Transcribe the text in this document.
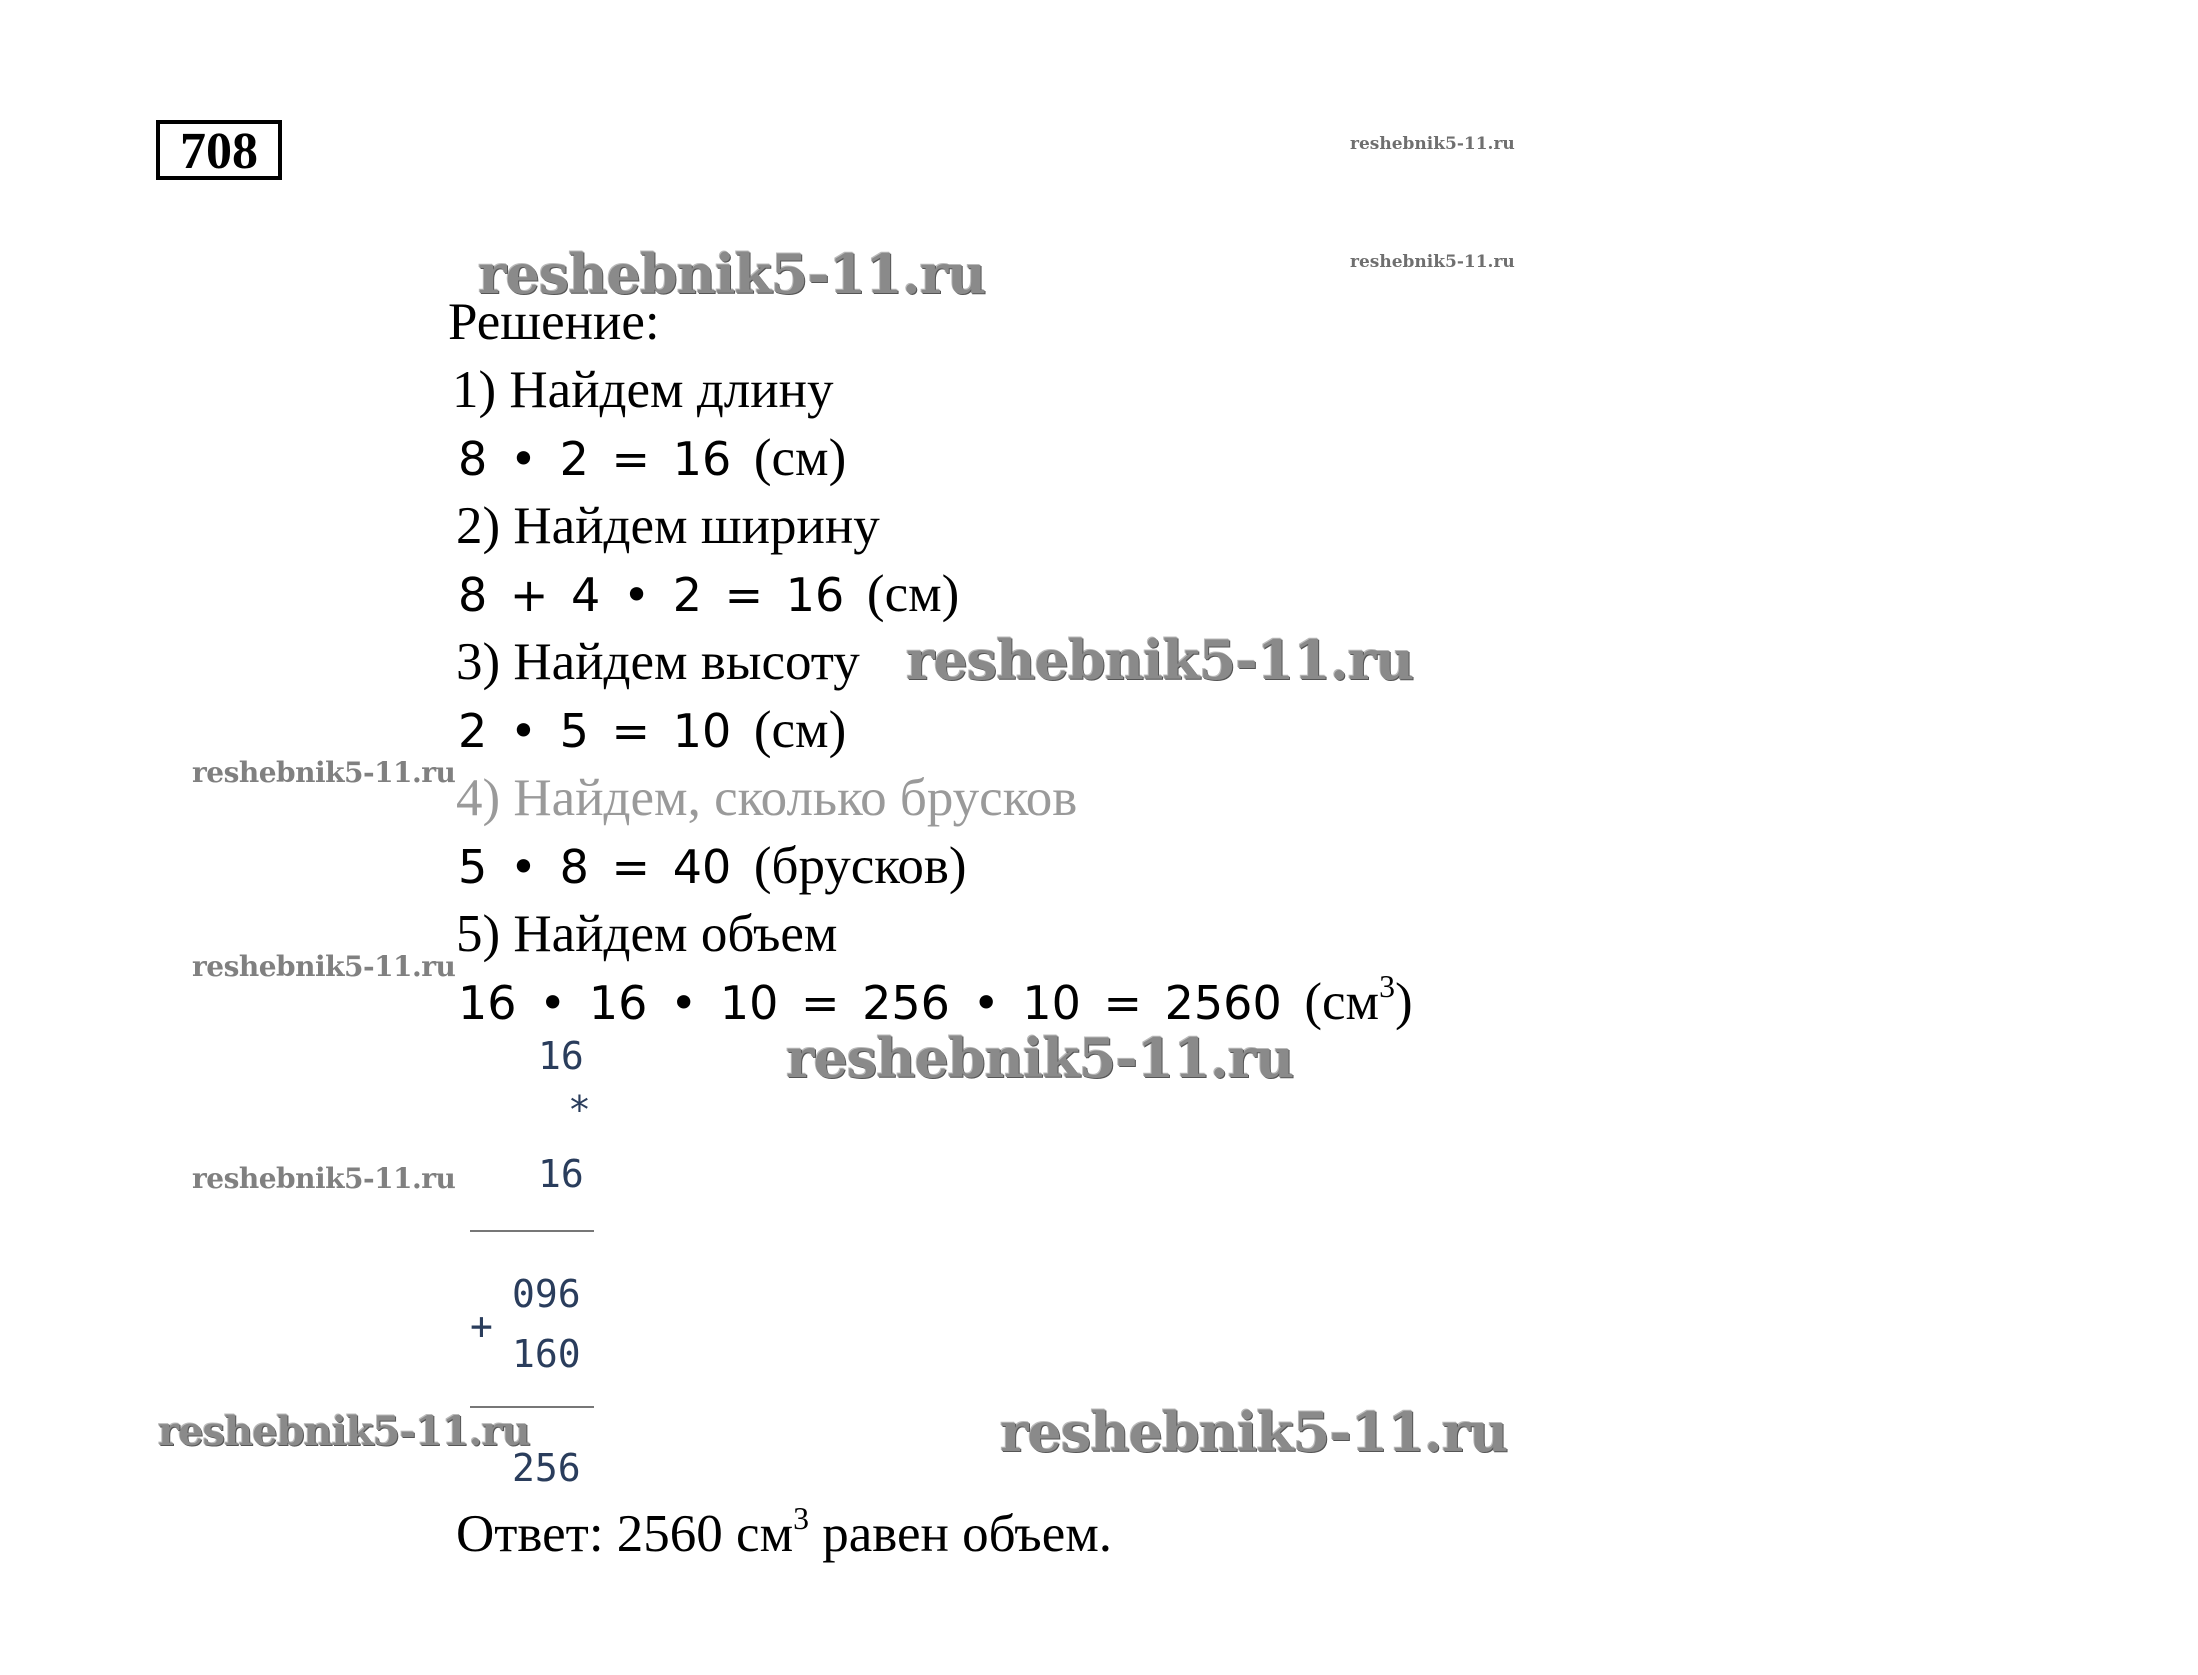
708	reshebnik5-11.ru
reshebnik5-11.ru
reshebnik5-11.ru
Решение:
1) Найдем длину
8 • 2 = 16 (см)
2) Найдем ширину
8 + 4 • 2 = 16 (см)
3) Найдем высоту reshebnik5-11.ru
2 • 5 = 10 (см)
reshebnik5-11.ru 4) Найдем, сколько брусков
5 • 8 = 40 (брусков)
5) Найдем объем
reshebnik5-11.ru
16 • 16 • 10 = 256 • 10 = 2560 $(см^3)$
16	reshebnik5-11.ru
*
reshebnik5-11.ru 16
096
+
160
reshebnik5-11.ru	reshebnik5-11.ru
256
Ответ: 2560 $см^3$ равен объем.
